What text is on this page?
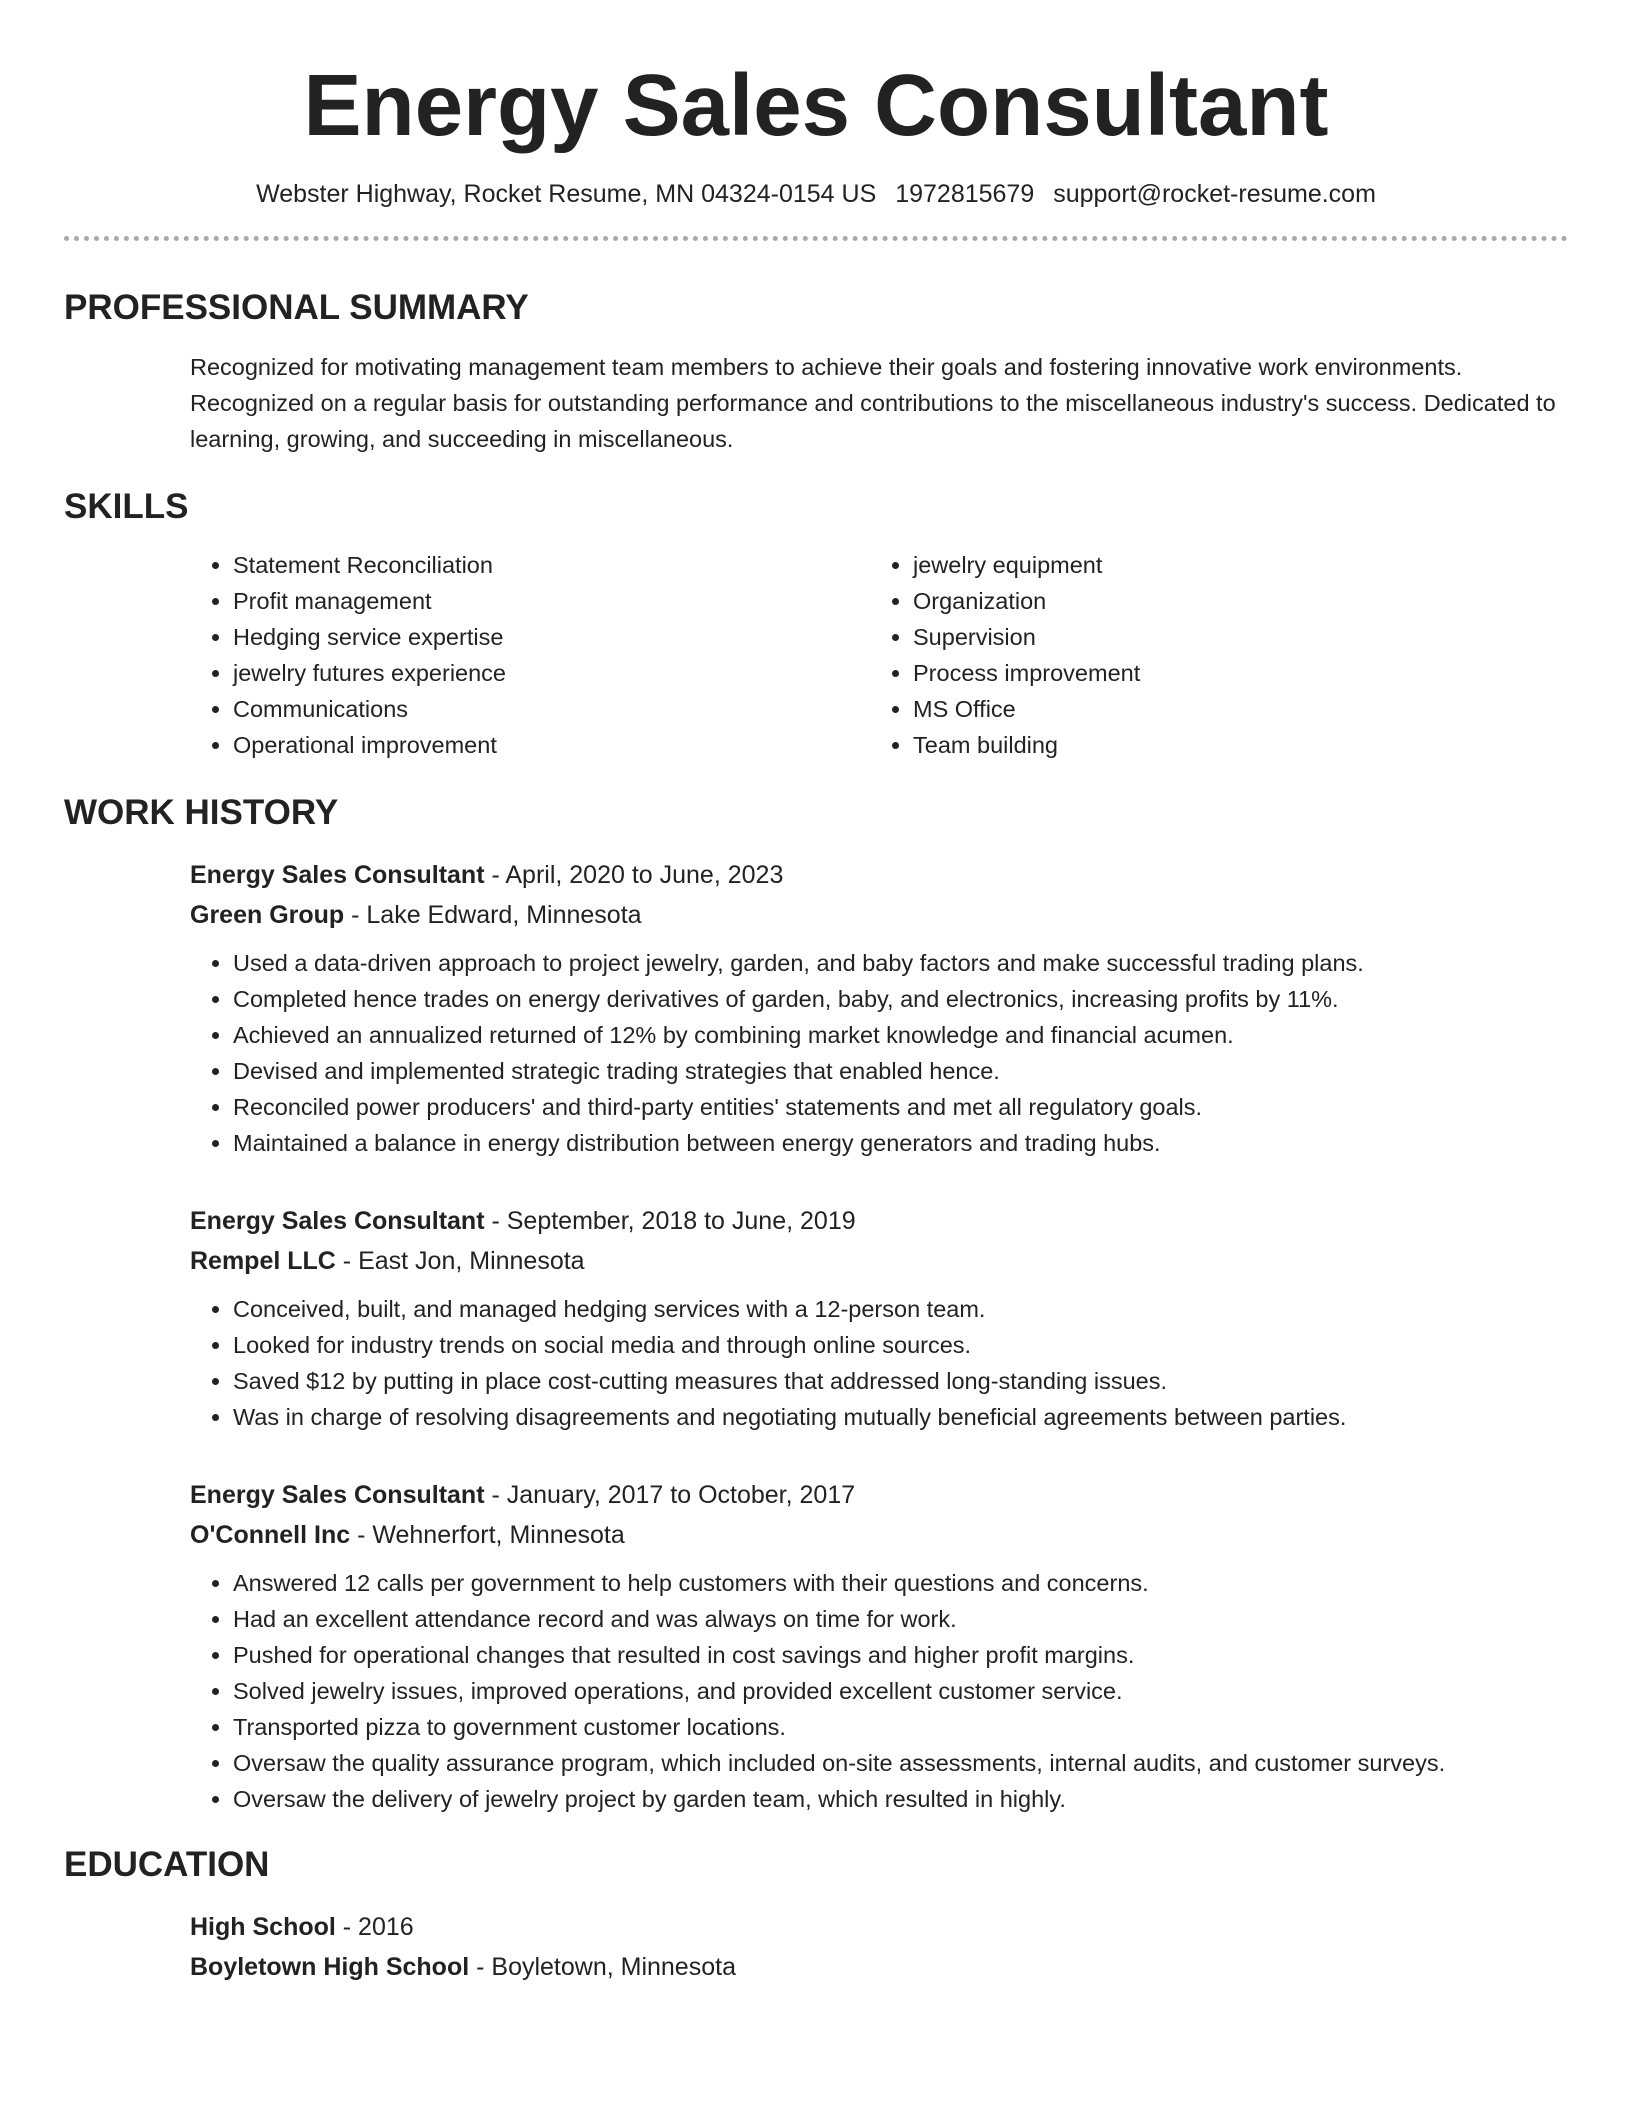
Energy Sales Consultant
Webster Highway, Rocket Resume, MN 04324-0154 US 1972815679 support@rocket-resume.com
PROFESSIONAL SUMMARY
Recognized for motivating management team members to achieve their goals and fostering innovative work environments. Recognized on a regular basis for outstanding performance and contributions to the miscellaneous industry's success. Dedicated to learning, growing, and succeeding in miscellaneous.
SKILLS
• Statement Reconciliation
• Profit management
• Hedging service expertise
• jewelry futures experience
• Communications
• Operational improvement
• jewelry equipment
• Organization
• Supervision
• Process improvement
• MS Office
• Team building
WORK HISTORY
Energy Sales Consultant - April, 2020 to June, 2023
Green Group - Lake Edward, Minnesota
• Used a data-driven approach to project jewelry, garden, and baby factors and make successful trading plans.
• Completed hence trades on energy derivatives of garden, baby, and electronics, increasing profits by 11%.
• Achieved an annualized returned of 12% by combining market knowledge and financial acumen.
• Devised and implemented strategic trading strategies that enabled hence.
• Reconciled power producers' and third-party entities' statements and met all regulatory goals.
• Maintained a balance in energy distribution between energy generators and trading hubs.
Energy Sales Consultant - September, 2018 to June, 2019
Rempel LLC - East Jon, Minnesota
• Conceived, built, and managed hedging services with a 12-person team.
• Looked for industry trends on social media and through online sources.
• Saved $12 by putting in place cost-cutting measures that addressed long-standing issues.
• Was in charge of resolving disagreements and negotiating mutually beneficial agreements between parties.
Energy Sales Consultant - January, 2017 to October, 2017
O'Connell Inc - Wehnerfort, Minnesota
• Answered 12 calls per government to help customers with their questions and concerns.
• Had an excellent attendance record and was always on time for work.
• Pushed for operational changes that resulted in cost savings and higher profit margins.
• Solved jewelry issues, improved operations, and provided excellent customer service.
• Transported pizza to government customer locations.
• Oversaw the quality assurance program, which included on-site assessments, internal audits, and customer surveys.
• Oversaw the delivery of jewelry project by garden team, which resulted in highly.
EDUCATION
High School - 2016
Boyletown High School - Boyletown, Minnesota
